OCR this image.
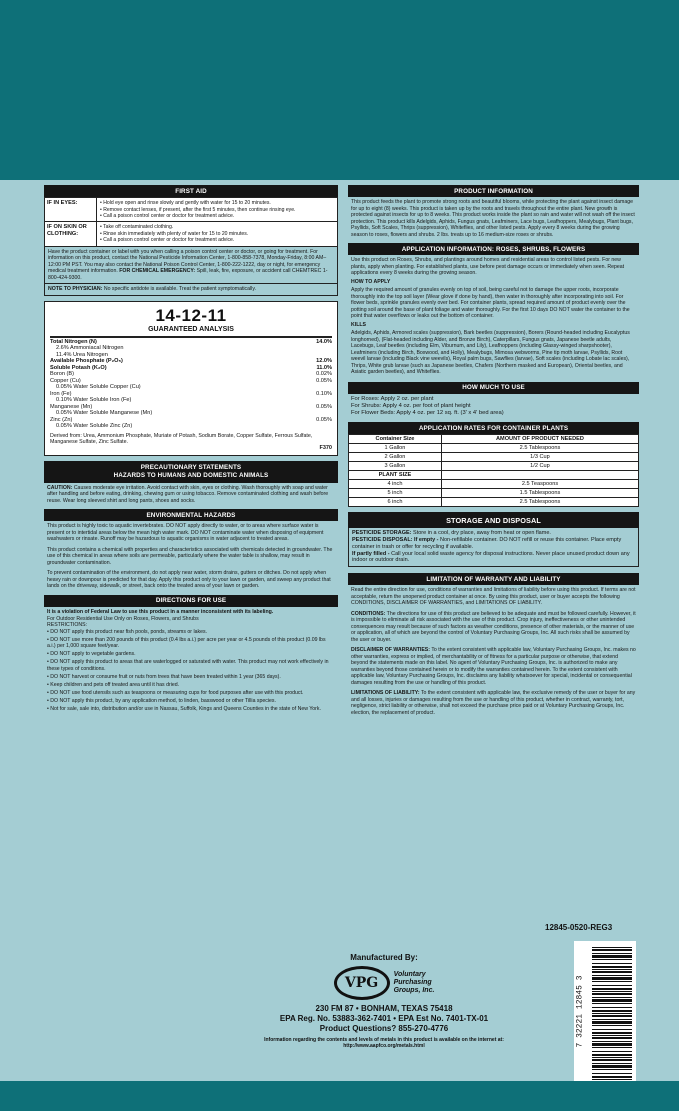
FIRST AID
IF IN EYES:	• Hold eye open and rinse slowly and gently with water for 15 to 20 minutes.
• Remove contact lenses, if present, after the first 5 minutes, then continue rinsing eye.
• Call a poison control center or doctor for treatment advice.
IF ON SKIN OR CLOTHING:
• Take off contaminated clothing.
• Rinse skin immediately with plenty of water for 15 to 20 minutes.
• Call a poison control center or doctor for treatment advice.
Have the product container or label with you when calling a poison control center or doctor, or going for treatment. For information on this product, contact the National Pesticide Information Center, 1-800-858-7378, Monday-Friday, 8:00 AM–12:00 PM PST. You may also contact the National Poison Control Center, 1-800-222-1222, day or night, for emergency medical treatment information. FOR CHEMICAL EMERGENCY: Spill, leak, fire, exposure, or accident call CHEMTREC 1-800-424-9300.
NOTE TO PHYSICIAN: No specific antidote is available. Treat the patient symptomatically.
14-12-11
GUARANTEED ANALYSIS
Total Nitrogen (N)	14.0%
2.6% Ammoniacal Nitrogen
11.4% Urea Nitrogen
Available Phosphate (P₂O₅)	12.0%
Soluble Potash (K₂O)	11.0%
Boron (B)	0.02%
Copper (Cu)	0.05%
0.05% Water Soluble Copper (Cu)
Iron (Fe)	0.10%
0.10% Water Soluble Iron (Fe)
Manganese (Mn)	0.05%
0.05% Water Soluble Manganese (Mn)
Zinc (Zn)	0.05%
0.05% Water Soluble Zinc (Zn)
Derived from: Urea, Ammonium Phosphate, Muriate of Potash, Sodium Borate, Copper Sulfate, Ferrous Sulfate, Manganese Sulfate, Zinc Sulfate.
F370
PRECAUTIONARY STATEMENTS
HAZARDS TO HUMANS AND DOMESTIC ANIMALS
CAUTION: Causes moderate eye irritation. Avoid contact with skin, eyes or clothing. Wash thoroughly with soap and water after handling and before eating, drinking, chewing gum or using tobacco. Remove contaminated clothing and wash before reuse. Wear long sleeved shirt and long pants, shoes and socks.
ENVIRONMENTAL HAZARDS
This product is highly toxic to aquatic invertebrates. DO NOT apply directly to water, or to areas where surface water is present or to intertidal areas below the mean high water mark. DO NOT contaminate water when disposing of equipment washwaters or rinsate. Runoff may be hazardous to aquatic organisms in water adjacent to treated areas.
This product contains a chemical with properties and characteristics associated with chemicals detected in groundwater. The use of this chemical in areas where soils are permeable, particularly where the water table is shallow, may result in groundwater contamination.
To prevent contamination of the environment, do not apply near water, storm drains, gutters or ditches. Do not apply when heavy rain or downpour is predicted for that day. Apply this product only to your lawn or garden, and sweep any product that lands on the driveway, sidewalk, or street, back onto the treated area of your lawn or garden.
DIRECTIONS FOR USE
It is a violation of Federal Law to use this product in a manner inconsistent with its labeling.
For Outdoor Residential Use Only on Roses, Flowers, and Shrubs
RESTRICTIONS:
• DO NOT apply this product near fish pools, ponds, streams or lakes.
• DO NOT use more than 200 pounds of this product (0.4 lbs a.i.) per acre per year or 4.5 pounds of this product (0.09 lbs a.i.) per 1,000 square feet/year.
• DO NOT apply to vegetable gardens.
• DO NOT apply this product to areas that are waterlogged or saturated with water. This product may not work effectively in these types of conditions.
• DO NOT harvest or consume fruit or nuts from trees that have been treated within 1 year (365 days).
• Keep children and pets off treated area until it has dried.
• DO NOT use food utensils such as teaspoons or measuring cups for food purposes after use with this product.
• DO NOT apply this product, by any application method, to linden, basswood or other Tillia species.
• Not for sale, sale into, distribution and/or use in Nassau, Suffolk, Kings and Queens Counties in the state of New York.
PRODUCT INFORMATION
This product feeds the plant to promote strong roots and beautiful blooms, while protecting the plant against insect damage for up to eight (8) weeks. This product is taken up by the roots and travels throughout the entire plant. New growth is protected against insects for up to 8 weeks. This product works inside the plant so rain and water will not wash off the insect protection. This product kills Adelgids, Aphids, Fungus gnats, Leafminers, Lace bugs, Leafhoppers, Mealybugs, Plant bugs, Psyllids, Soft Scales, Thrips (suppression), Whiteflies, and other listed pests. Apply every 8 weeks during the growing season to roses, flowers and shrubs. 2 lbs. treats up to 16 medium-size roses or shrubs.
APPLICATION INFORMATION: ROSES, SHRUBS, FLOWERS
Use this product on Roses, Shrubs, and plantings around homes and residential areas to control listed pests. For new plants, apply when planting. For established plants, use before pest damage occurs or immediately when seen. Repeat applications every 8 weeks during the growing season.
HOW TO APPLY
Apply the required amount of granules evenly on top of soil, being careful not to damage the upper roots, incorporate thoroughly into the top soil layer (Wear glove if done by hand), then water in thoroughly after incorporating into soil. For flower beds, sprinkle granules evenly over bed. For container plants, spread required amount of product evenly over the potting soil around the base of plant foliage and water thoroughly. For the first 10 days DO NOT water the container to the point that water overflows or leaks out the bottom of container.
KILLS
Adelgids, Aphids, Armored scales (suppression), Bark beetles (suppression), Borers (Round-headed including Eucalyptus longhorned), (Flat-headed including Alder, and Bronze Birch), Caterpillars, Fungus gnats, Japanese beetle adults, Lacebugs, Leaf beetles (including Elm, Viburnum, and Lily), Leafhoppers (including Glassy-winged sharpshooter), Leafminers (including Birch, Boxwood, and Holly), Mealybugs, Mimosa webworms, Pine tip moth larvae, Psyllids, Root weevil larvae (including Black vine weevils), Royal palm bugs, Sawflies (larvae), Soft scales (including Lobate lac scales), Thrips, White grub larvae (such as Japanese beetles, Chafers (Northern masked and European), Oriental beetles, and Asiatic garden beetles), and Whiteflies.
HOW MUCH TO USE
For Roses: Apply 2 oz. per plant
For Shrubs: Apply 4 oz. per foot of plant height
For Flower Beds: Apply 4 oz. per 12 sq. ft. (3' x 4' bed area)
APPLICATION RATES FOR CONTAINER PLANTS
Container Size	AMOUNT OF PRODUCT NEEDED
1 Gallon	2.5 Tablespoons
2 Gallon	1/3 Cup
3 Gallon	1/2 Cup
PLANT SIZE	
4 inch	2.5 Teaspoons
5 inch	1.5 Tablespoons
6 inch	2.5 Tablespoons
STORAGE AND DISPOSAL
PESTICIDE STORAGE: Store in a cool, dry place, away from heat or open flame.
PESTICIDE DISPOSAL: If empty - Non-refillable container. DO NOT refill or reuse this container. Place empty container in trash or offer for recycling if available.
If partly filled - Call your local solid waste agency for disposal instructions. Never place unused product down any indoor or outdoor drain.
LIMITATION OF WARRANTY AND LIABILITY
Read the entire direction for use, conditions of warranties and limitations of liability before using this product. If terms are not acceptable, return the unopened product container at once. By using this product, user or buyer accepts the following CONDITIONS, DISCLAIMER OF WARRANTIES, and LIMITATIONS OF LIABILITY.
CONDITIONS: The directions for use of this product are believed to be adequate and must be followed carefully. However, it is impossible to eliminate all risk associated with the use of this product. Crop injury, ineffectiveness or other unintended consequences may result because of such factors as weather conditions, presence of other materials, or the manner of use or application, all of which are beyond the control of Voluntary Purchasing Groups, Inc. All such risks shall be assumed by the user or buyer.
DISCLAIMER OF WARRANTIES: To the extent consistent with applicable law, Voluntary Purchasing Groups, Inc. makes no other warranties, express or implied, of merchantability or of fitness for a particular purpose or otherwise, that extend beyond the statements made on this label. No agent of Voluntary Purchasing Groups, Inc. is authorized to make any warranties beyond those contained herein or to modify the warranties contained herein. To the extent consistent with applicable law, Voluntary Purchasing Groups, Inc. disclaims any liability whatsoever for special, incidental or consequential damages resulting from the use or handling of this product.
LIMITATIONS OF LIABILITY: To the extent consistent with applicable law, the exclusive remedy of the user or buyer for any and all losses, injuries or damages resulting from the use or handling of this product, whether in contract, warranty, tort, negligence, strict liability or otherwise, shall not exceed the purchase price paid or at Voluntary Purchasing Groups, Inc. election, the replacement of product.
12845-0520-REG3
Manufactured By:
VPG
Voluntary
Purchasing
Groups, Inc.
230 FM 87 • BONHAM, TEXAS 75418
EPA Reg. No. 53883-362-7401 • EPA Est No. 7401-TX-01
Product Questions? 855-270-4776
Information regarding the contents and levels of metals in this product is available on the internet at: http://www.aapfco.org/metals.html	7 32221 12845 3
